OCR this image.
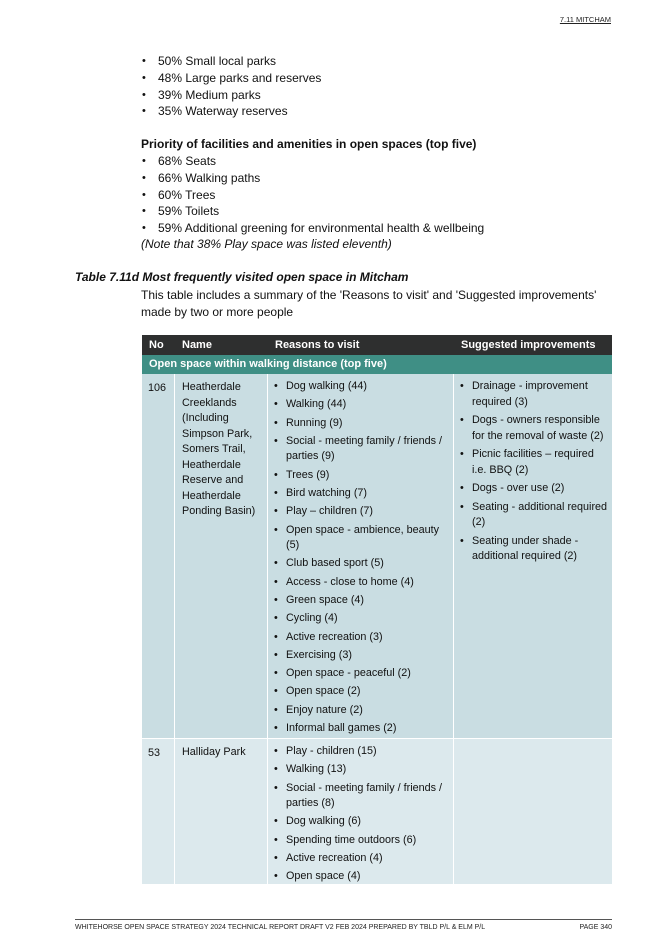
7.11 MITCHAM
• 50% Small local parks
• 48% Large parks and reserves
• 39% Medium parks
• 35% Waterway reserves
Priority of facilities and amenities in open spaces (top five)
• 68% Seats
• 66% Walking paths
• 60% Trees
• 59% Toilets
• 59% Additional greening for environmental health & wellbeing
(Note that 38% Play space was listed eleventh)
Table 7.11d Most frequently visited open space in Mitcham
This table includes a summary of the 'Reasons to visit' and 'Suggested improvements' made by two or more people
No	Name	Reasons to visit	Suggested improvements
Open space within walking distance (top five)
106	Heatherdale Creeklands (Including Simpson Park, Somers Trail, Heatherdale Reserve and Heatherdale Ponding Basin)
• Dog walking (44)
• Walking (44)
• Running (9)
• Social - meeting family / friends / parties (9)
• Trees (9)
• Bird watching (7)
• Play – children (7)
• Open space - ambience, beauty (5)
• Club based sport (5)
• Access - close to home (4)
• Green space (4)
• Cycling (4)
• Active recreation (3)
• Exercising (3)
• Open space - peaceful (2)
• Open space (2)
• Enjoy nature (2)
• Informal ball games (2)
• Drainage - improvement required (3)
• Dogs - owners responsible for the removal of waste (2)
• Picnic facilities – required i.e. BBQ (2)
• Dogs - over use (2)
• Seating - additional required (2)
• Seating under shade - additional required (2)
53	Halliday Park
•	Play - children (15)
• Walking (13)
• Social - meeting family / friends / parties (8)
• Dog walking (6)
• Spending time outdoors (6)
• Active recreation (4)
• Open space (4)
WHITEHORSE OPEN SPACE STRATEGY 2024 TECHNICAL REPORT DRAFT V2 FEB 2024 PREPARED BY TBLD P/L & ELM P/L	PAGE 340
